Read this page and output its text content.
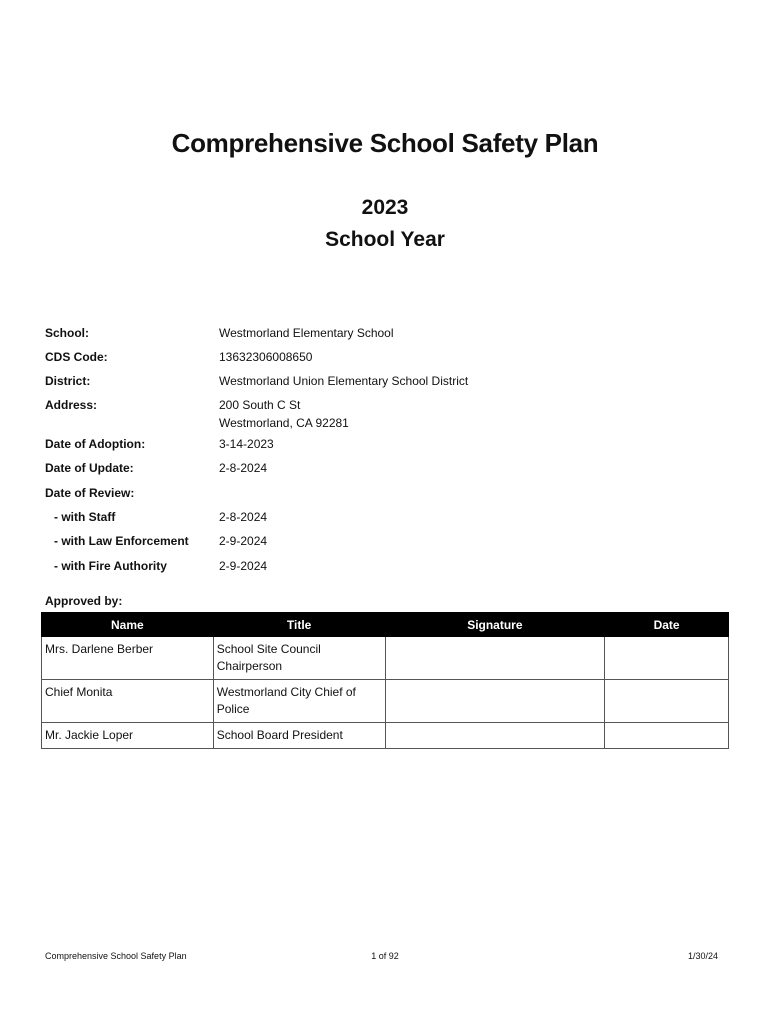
Comprehensive School Safety Plan
2023
School Year
School:	Westmorland Elementary School
CDS Code:	13632306008650
District:	Westmorland Union Elementary School District
Address:	200 South C St
Westmorland, CA 92281
Date of Adoption:	3-14-2023
Date of Update:	2-8-2024
Date of Review:
- with Staff	2-8-2024
- with Law Enforcement	2-9-2024
- with Fire Authority	2-9-2024
Approved by:
Name	Title	Signature	Date
Mrs. Darlene Berber	School Site Council
Chairperson		

Chief Monita	Westmorland City Chief of
Police		

Mr. Jackie Loper	School Board President		

Comprehensive School Safety Plan	1 of 92	1/30/24
